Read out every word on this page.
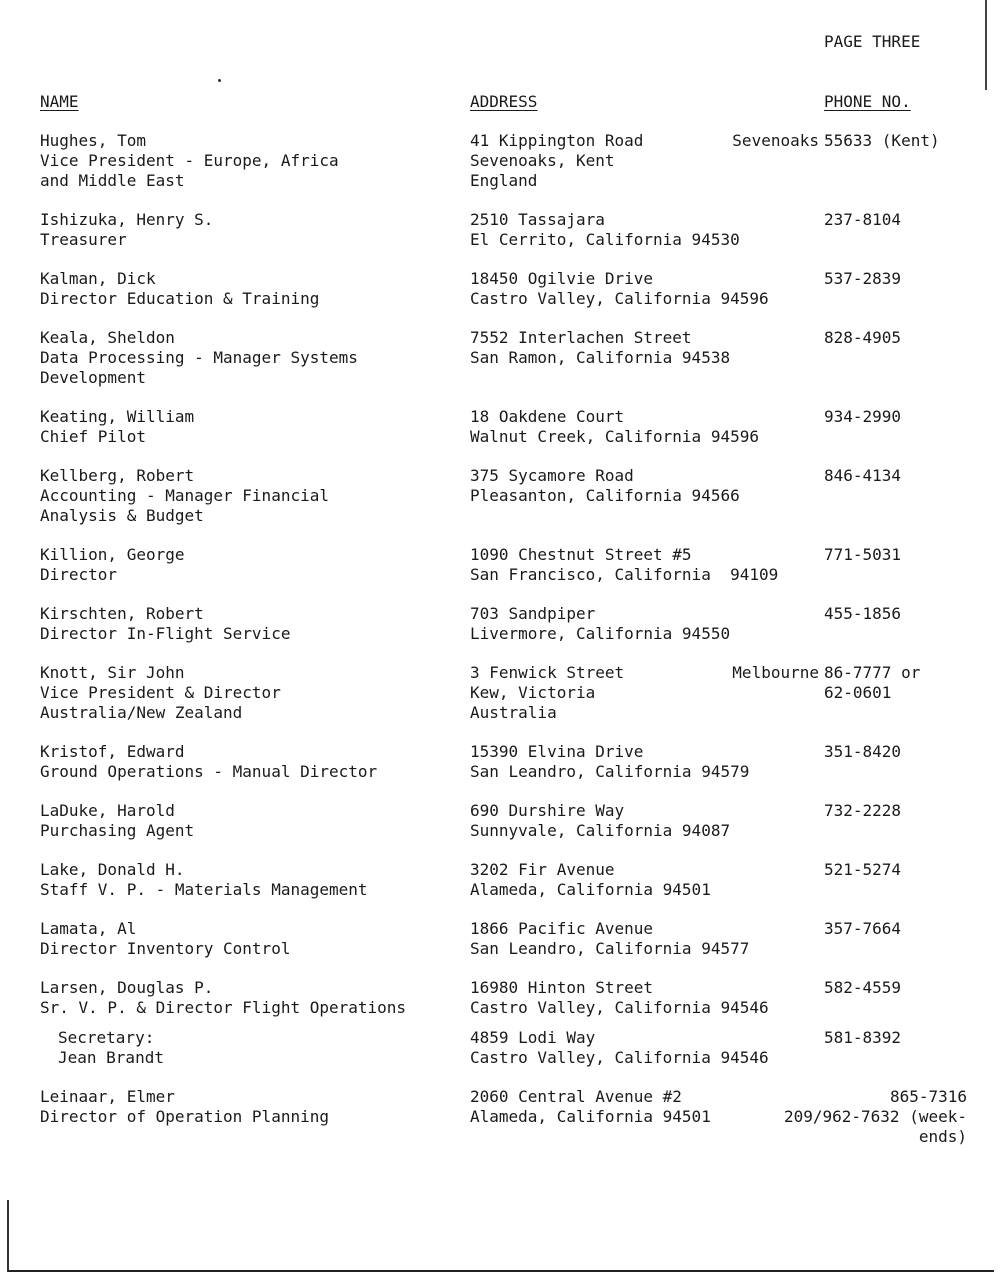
PAGE THREE
NAME	ADDRESS	PHONE NO.
Hughes, Tom
Vice President - Europe, Africa
and Middle East
41 Kippington Road
Sevenoaks, Kent
England
Sevenoaks 55633 (Kent)
Ishizuka, Henry S.
Treasurer
2510 Tassajara
El Cerrito, California 94530
237-8104
Kalman, Dick
Director Education & Training
18450 Ogilvie Drive
Castro Valley, California 94596
537-2839
Keala, Sheldon
Data Processing - Manager Systems
Development
7552 Interlachen Street
San Ramon, California 94538
828-4905
Keating, William
Chief Pilot
18 Oakdene Court
Walnut Creek, California 94596
934-2990
Kellberg, Robert
Accounting - Manager Financial
Analysis & Budget
375 Sycamore Road
Pleasanton, California 94566
846-4134
Killion, George
Director
1090 Chestnut Street #5
San Francisco, California  94109
771-5031
Kirschten, Robert
Director In-Flight Service
703 Sandpiper
Livermore, California 94550
455-1856
Knott, Sir John
Vice President & Director
Australia/New Zealand
3 Fenwick Street
Kew, Victoria
Australia
Melbourne 86-7777 or
62-0601
Kristof, Edward
Ground Operations - Manual Director
15390 Elvina Drive
San Leandro, California 94579
351-8420
LaDuke, Harold
Purchasing Agent
690 Durshire Way
Sunnyvale, California 94087
732-2228
Lake, Donald H.
Staff V. P. - Materials Management
3202 Fir Avenue
Alameda, California 94501
521-5274
Lamata, Al
Director Inventory Control
1866 Pacific Avenue
San Leandro, California 94577
357-7664
Larsen, Douglas P.
Sr. V. P. & Director Flight Operations
16980 Hinton Street
Castro Valley, California 94546
582-4559
Secretary:
Jean Brandt
4859 Lodi Way
Castro Valley, California 94546
581-8392
Leinaar, Elmer
Director of Operation Planning
2060 Central Avenue #2
Alameda, California 94501
865-7316
209/962-7632 (week-
ends)
